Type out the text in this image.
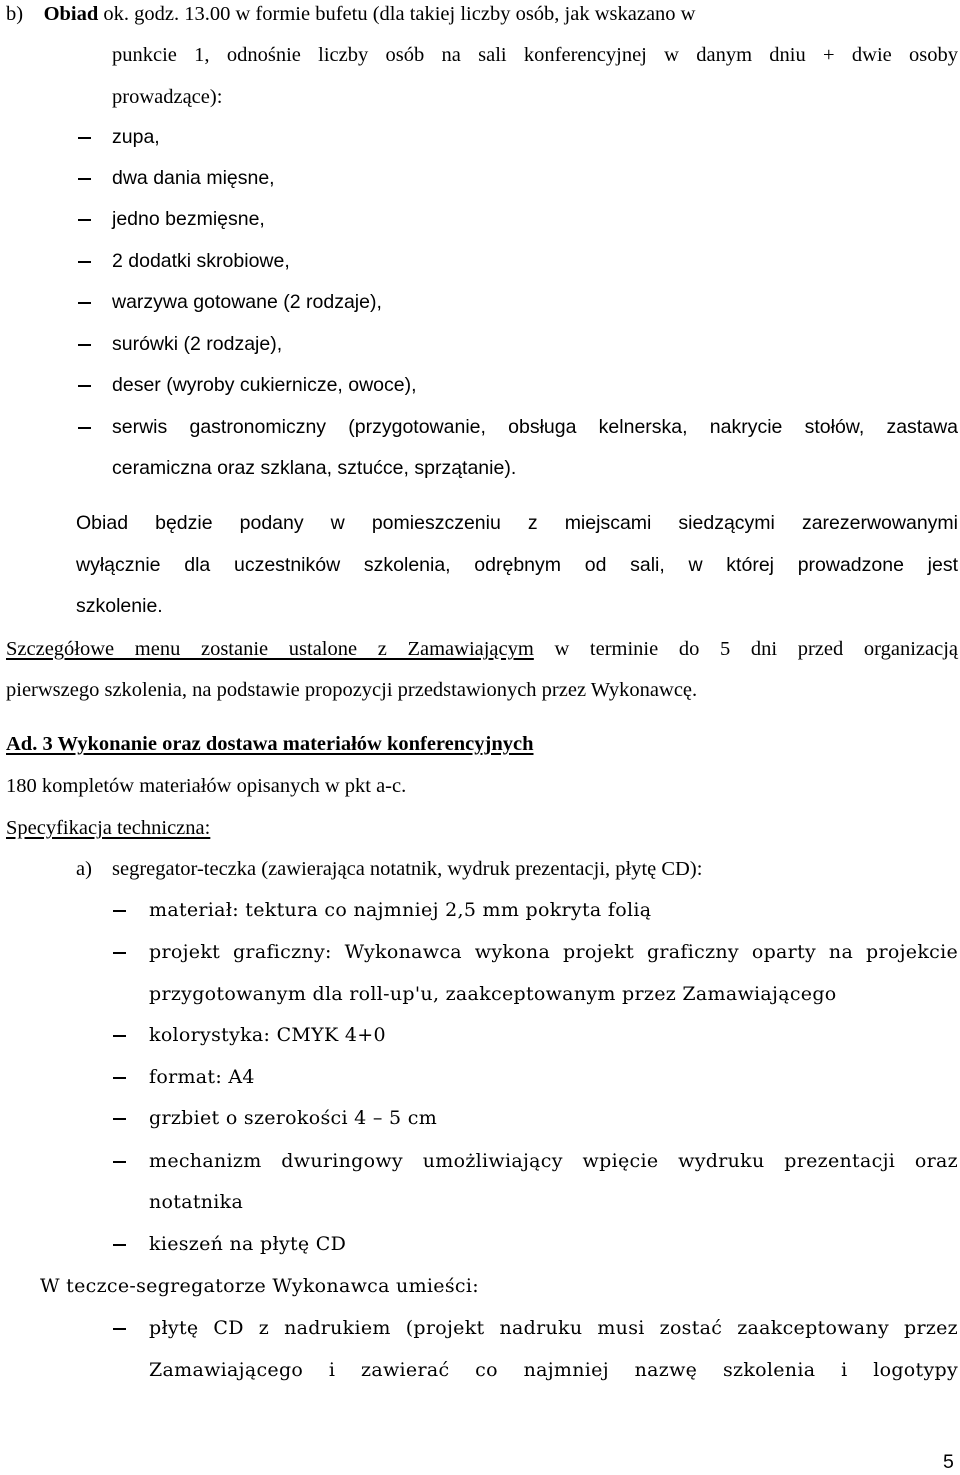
b) Obiad ok. godz. 13.00 w formie bufetu (dla takiej liczby osób, jak wskazano w
punkcie 1, odnośnie liczby osób na sali konferencyjnej w danym dniu + dwie osoby
prowadzące):
zupa,
dwa dania mięsne,
jedno bezmięsne,
2 dodatki skrobiowe,
warzywa gotowane (2 rodzaje),
surówki (2 rodzaje),
deser (wyroby cukiernicze, owoce),
serwis gastronomiczny (przygotowanie, obsługa kelnerska, nakrycie stołów, zastawa
ceramiczna oraz szklana, sztućce, sprzątanie).
Obiad będzie podany w pomieszczeniu z miejscami siedzącymi zarezerwowanymi
wyłącznie dla uczestników szkolenia, odrębnym od sali, w której prowadzone jest
szkolenie.
Szczegółowe menu zostanie ustalone z Zamawiającym w terminie do 5 dni przed organizacją
pierwszego szkolenia, na podstawie propozycji przedstawionych przez Wykonawcę.
Ad. 3 Wykonanie oraz dostawa materiałów konferencyjnych
180 kompletów materiałów opisanych w pkt a-c.
Specyfikacja techniczna:
a) segregator-teczka (zawierająca notatnik, wydruk prezentacji, płytę CD):
materiał: tektura co najmniej 2,5 mm pokryta folią
projekt graficzny: Wykonawca wykona projekt graficzny oparty na projekcie
przygotowanym dla roll-up'u, zaakceptowanym przez Zamawiającego
kolorystyka: CMYK 4+0
format: A4
grzbiet o szerokości 4 – 5 cm
mechanizm dwuringowy umożliwiający wpięcie wydruku prezentacji oraz
notatnika
kieszeń na płytę CD
W teczce-segregatorze Wykonawca umieści:
płytę CD z nadrukiem (projekt nadruku musi zostać zaakceptowany przez
Zamawiającego i zawierać co najmniej nazwę szkolenia i logotypy
5
